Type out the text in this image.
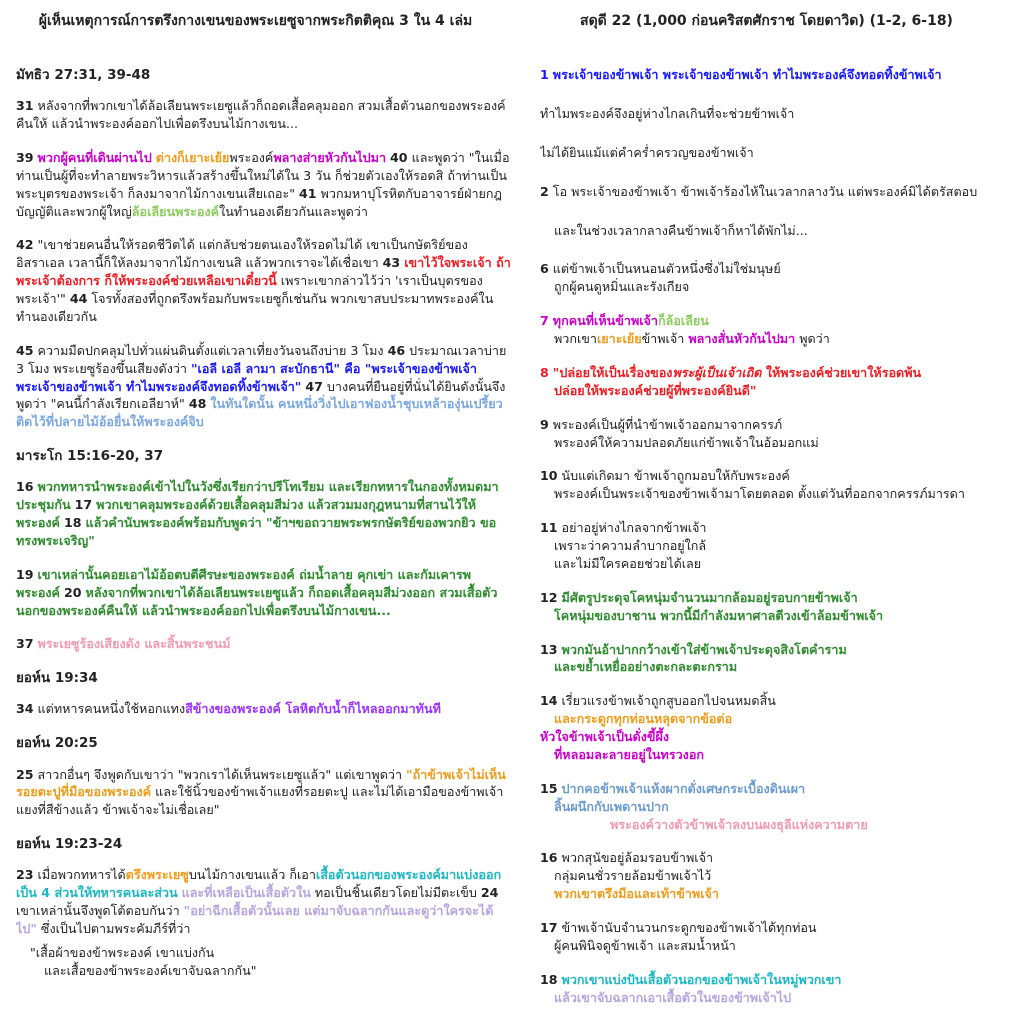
ผู้เห็นเหตุการณ์การตรึงกางเขนของพระเยซูจากพระกิตติคุณ 3 ใน 4 เล่ม	สดุดี 22 (1,000 ก่อนคริสตศักราช โดยดาวิด) (1-2, 6-18)
มัทธิว 27:31, 39-48

31 หลังจากที่พวกเขาได้ล้อเลียนพระเยซูแล้วก็ถอดเสื้อคลุมออก สวมเสื้อตัวนอกของพระองค์คืนให้ แล้วนำพระองค์ออกไปเพื่อตรึงบนไม้กางเขน...

39 พวกผู้คนที่เดินผ่านไป ต่างก็เยาะเย้ยพระองค์พลางส่ายหัวกันไปมา 40 และพูดว่า "ในเมื่อท่านเป็นผู้ที่จะทำลายพระวิหารแล้วสร้างขึ้นใหม่ได้ใน 3 วัน ก็ช่วยตัวเองให้รอดสิ ถ้าท่านเป็นพระบุตรของพระเจ้า ก็ลงมาจากไม้กางเขนเสียเถอะ" 41 พวกมหาปุโรหิตกับอาจารย์ฝ่ายกฎบัญญัติและพวกผู้ใหญ่ล้อเลียนพระองค์ในทำนองเดียวกันและพูดว่า

42 "เขาช่วยคนอื่นให้รอดชีวิตได้ แต่กลับช่วยตนเองให้รอดไม่ได้ เขาเป็นกษัตริย์ของอิสราเอล เวลานี้ก็ให้ลงมาจากไม้กางเขนสิ แล้วพวกเราจะได้เชื่อเขา 43 เขาไว้ใจพระเจ้า ถ้าพระเจ้าต้องการ ก็ให้พระองค์ช่วยเหลือเขาเดี๋ยวนี้ เพราะเขากล่าวไว้ว่า 'เราเป็นบุตรของพระเจ้า'" 44 โจรทั้งสองที่ถูกตรึงพร้อมกับพระเยซูก็เช่นกัน พวกเขาสบประมาทพระองค์ในทำนองเดียวกัน

45 ความมืดปกคลุมไปทั่วแผ่นดินตั้งแต่เวลาเที่ยงวันจนถึงบ่าย 3 โมง 46 ประมาณเวลาบ่าย 3 โมง พระเยซูร้องขึ้นเสียงดังว่า "เอลี เอลี ลามา สะบักธานี" คือ "พระเจ้าของข้าพเจ้า พระเจ้าของข้าพเจ้า ทำไมพระองค์จึงทอดทิ้งข้าพเจ้า" 47 บางคนที่ยืนอยู่ที่นั่นได้ยินดังนั้นจึงพูดว่า "คนนี้กำลังเรียกเอลียาห์" 48 ในทันใดนั้น คนหนึ่งวิ่งไปเอาฟองน้ำชุบเหล้าองุ่นเปรี้ยวติดไว้ที่ปลายไม้อ้อยื่นให้พระองค์จิบ

มาระโก 15:16-20, 37

16 พวกทหารนำพระองค์เข้าไปในวังซึ่งเรียกว่าปรีโทเรียม และเรียกทหารในกองทั้งหมดมาประชุมกัน 17 พวกเขาคลุมพระองค์ด้วยเสื้อคลุมสีม่วง แล้วสวมมงกุฎหนามที่สานไว้ให้พระองค์ 18 แล้วคำนับพระองค์พร้อมกับพูดว่า "ข้าฯขอถวายพระพรกษัตริย์ของพวกยิว ขอทรงพระเจริญ"

19 เขาเหล่านั้นคอยเอาไม้อ้อตบตีศีรษะของพระองค์ ถ่มน้ำลาย คุกเข่า และกัมเคารพพระองค์ 20 หลังจากที่พวกเขาได้ล้อเลียนพระเยซูแล้ว ก็ถอดเสื้อคลุมสีม่วงออก สวมเสื้อตัวนอกของพระองค์คืนให้ แล้วนำพระองค์ออกไปเพื่อตรึงบนไม้กางเขน...

37 พระเยซูร้องเสียงดัง และสิ้นพระชนม์

ยอห์น 19:34

34 แต่ทหารคนหนึ่งใช้หอกแทงสีข้างของพระองค์ โลหิตกับน้ำก็ไหลออกมาทันที

ยอห์น 20:25

25 สาวกอื่นๆ จึงพูดกับเขาว่า "พวกเราได้เห็นพระเยซูแล้ว" แต่เขาพูดว่า "ถ้าข้าพเจ้าไม่เห็นรอยตะปูที่มือของพระองค์ และใช้นิ้วของข้าพเจ้าแยงที่รอยตะปู และไม่ได้เอามือของข้าพเจ้าแยงที่สีข้างแล้ว ข้าพเจ้าจะไม่เชื่อเลย"

ยอห์น 19:23-24
23 เมื่อพวกทหารได้ตรึงพระเยซูบนไม้กางเขนแล้ว ก็เอาเสื้อตัวนอกของพระองค์มาแบ่งออกเป็น 4 ส่วนให้ทหารคนละส่วน และที่เหลือเป็นเสื้อตัวใน ทอเป็นชิ้นเดียวโดยไม่มีตะเข็บ 24 เขาเหล่านั้นจึงพูดโต้ตอบกันว่า "อย่าฉีกเสื้อตัวนั้นเลย แต่มาจับฉลากกันและดูว่าใครจะได้ไป" ซึ่งเป็นไปตามพระคัมภีร์ที่ว่า
"เสื้อผ้าของข้าพระองค์ เขาแบ่งกัน
และเสื้อของข้าพระองค์เขาจับฉลากกัน"
1 พระเจ้าของข้าพเจ้า พระเจ้าของข้าพเจ้า ทำไมพระองค์จึงทอดทิ้งข้าพเจ้า
ทำไมพระองค์จึงอยู่ห่างไกลเกินที่จะช่วยข้าพเจ้า
ไม่ได้ยินแม้แต่คำคร่ำครวญของข้าพเจ้า
2 โอ พระเจ้าของข้าพเจ้า ข้าพเจ้าร้องไห้ในเวลากลางวัน แต่พระองค์มิได้ตรัสตอบ
และในช่วงเวลากลางคืนข้าพเจ้าก็หาได้พักไม่...
6 แต่ข้าพเจ้าเป็นหนอนตัวหนึ่งซึ่งไม่ใช่มนุษย์
ถูกผู้คนดูหมิ่นและรังเกียจ
7 ทุกคนที่เห็นข้าพเจ้าก็ล้อเลียน
พวกเขาเยาะเย้ยข้าพเจ้า พลางสั่นหัวกันไปมา พูดว่า
8 "ปล่อยให้เป็นเรื่องของพระผู้เป็นเจ้าเถิด ให้พระองค์ช่วยเขาให้รอดพ้น
ปล่อยให้พระองค์ช่วยผู้ที่พระองค์ยินดี"
9 พระองค์เป็นผู้ที่นำข้าพเจ้าออกมาจากครรภ์
พระองค์ให้ความปลอดภัยแก่ข้าพเจ้าในอ้อมอกแม่
10 นับแต่เกิดมา ข้าพเจ้าถูกมอบให้กับพระองค์
พระองค์เป็นพระเจ้าของข้าพเจ้ามาโดยตลอด ตั้งแต่วันที่ออกจากครรภ์มารดา
11 อย่าอยู่ห่างไกลจากข้าพเจ้า
เพราะว่าความลำบากอยู่ใกล้
และไม่มีใครคอยช่วยได้เลย
12 มีศัตรูประดุจโคหนุ่มจำนวนมากล้อมอยู่รอบกายข้าพเจ้า
โคหนุ่มของบาชาน พวกนี้มีกำลังมหาศาลตีวงเข้าล้อมข้าพเจ้า
13 พวกมันอ้าปากกว้างเข้าใส่ข้าพเจ้าประดุจสิงโตคำราม
และขย้ำเหยื่ออย่างตะกละตะกราม
14 เรี่ยวแรงข้าพเจ้าถูกสูบออกไปจนหมดสิ้น
และกระดูกทุกท่อนหลุดจากข้อต่อ
หัวใจข้าพเจ้าเป็นดั่งขี้ผึ้ง
ที่หลอมละลายอยู่ในทรวงอก
15 ปากคอข้าพเจ้าแห้งผากดั่งเศษกระเบื้องดินเผา
ลิ้นผนึกกับเพดานปาก
พระองค์วางตัวข้าพเจ้าลงบนผงธุลีแห่งความตาย
16 พวกสุนัขอยู่ล้อมรอบข้าพเจ้า
กลุ่มคนชั่วรายล้อมข้าพเจ้าไว้
พวกเขาตรึงมือและเท้าข้าพเจ้า
17 ข้าพเจ้านับจำนวนกระดูกของข้าพเจ้าได้ทุกท่อน
ผู้คนพินิจดูข้าพเจ้า และสมน้ำหน้า
18 พวกเขาแบ่งปันเสื้อตัวนอกของข้าพเจ้าในหมู่พวกเขา
แล้วเขาจับฉลากเอาเสื้อตัวในของข้าพเจ้าไป
